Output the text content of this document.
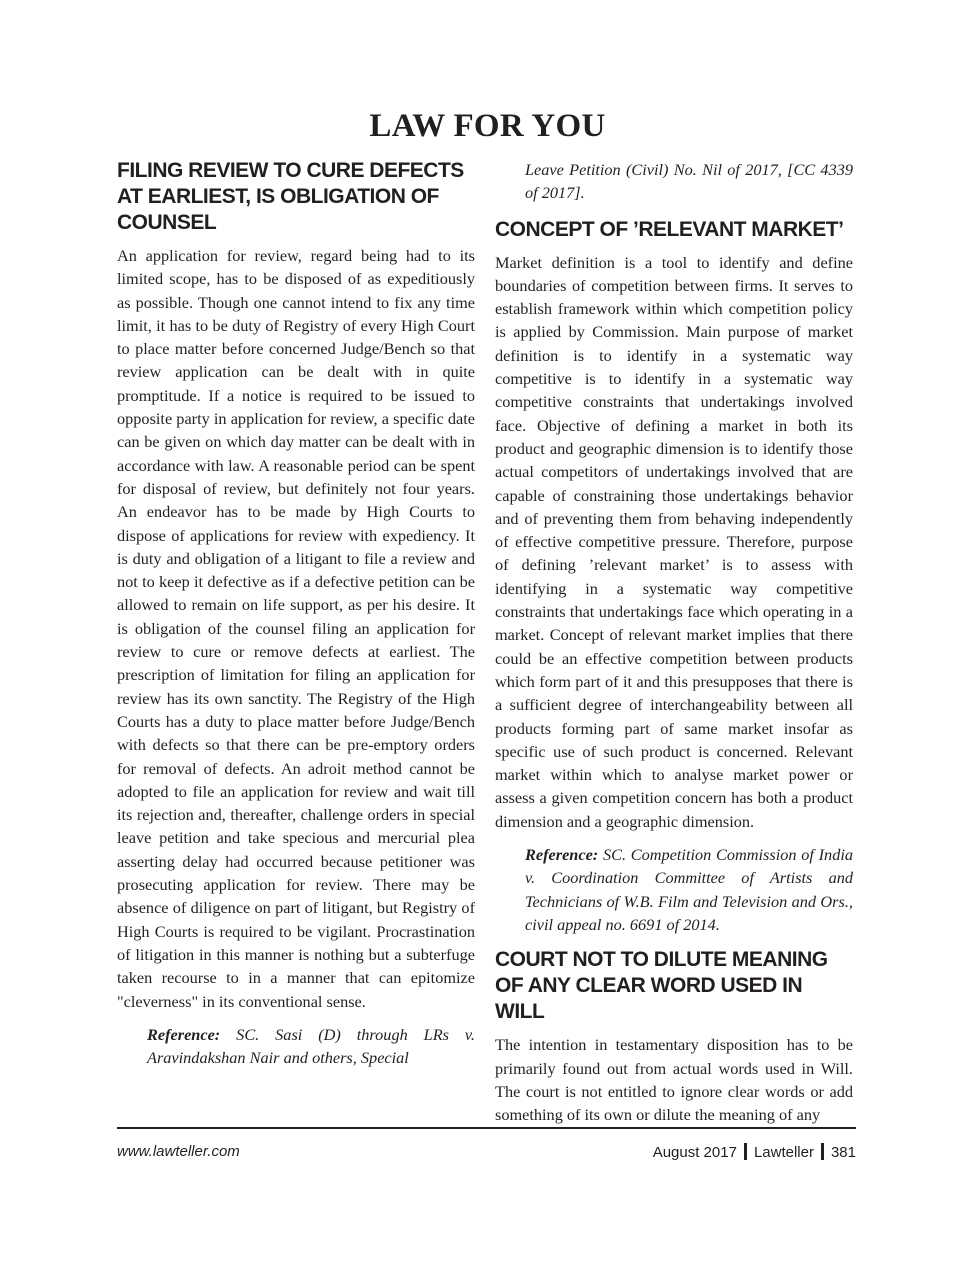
LAW FOR YOU
FILING REVIEW TO CURE DEFECTS AT EARLIEST, IS OBLIGATION OF COUNSEL

An application for review, regard being had to its limited scope, has to be disposed of as expeditiously as possible. Though one cannot intend to fix any time limit, it has to be duty of Registry of every High Court to place matter before concerned Judge/Bench so that review application can be dealt with in quite promptitude. If a notice is required to be issued to opposite party in application for review, a specific date can be given on which day matter can be dealt with in accordance with law. A reasonable period can be spent for disposal of review, but definitely not four years. An endeavor has to be made by High Courts to dispose of applications for review with expediency. It is duty and obligation of a litigant to file a review and not to keep it defective as if a defective petition can be allowed to remain on life support, as per his desire. It is obligation of the counsel filing an application for review to cure or remove defects at earliest. The prescription of limitation for filing an application for review has its own sanctity. The Registry of the High Courts has a duty to place matter before Judge/Bench with defects so that there can be pre-emptory orders for removal of defects. An adroit method cannot be adopted to file an application for review and wait till its rejection and, thereafter, challenge orders in special leave petition and take specious and mercurial plea asserting delay had occurred because petitioner was prosecuting application for review. There may be absence of diligence on part of litigant, but Registry of High Courts is required to be vigilant. Procrastination of litigation in this manner is nothing but a subterfuge taken recourse to in a manner that can epitomize "cleverness" in its conventional sense.

Reference: SC. Sasi (D) through LRs v. Aravindakshan Nair and others, Special

Leave Petition (Civil) No. Nil of 2017, [CC 4339 of 2017].

CONCEPT OF ’RELEVANT MARKET’

Market definition is a tool to identify and define boundaries of competition between firms. It serves to establish framework within which competition policy is applied by Commission. Main purpose of market definition is to identify in a systematic way competitive is to identify in a systematic way competitive constraints that undertakings involved face. Objective of defining a market in both its product and geographic dimension is to identify those actual competitors of undertakings involved that are capable of constraining those undertakings behavior and of preventing them from behaving independently of effective competitive pressure. Therefore, purpose of defining ’relevant market’ is to assess with identifying in a systematic way competitive constraints that undertakings face which operating in a market. Concept of relevant market implies that there could be an effective competition between products which form part of it and this presupposes that there is a sufficient degree of interchangeability between all products forming part of same market insofar as specific use of such product is concerned. Relevant market within which to analyse market power or assess a given competition concern has both a product dimension and a geographic dimension.

Reference: SC. Competition Commission of India v. Coordination Committee of Artists and Technicians of W.B. Film and Television and Ors., civil appeal no. 6691 of 2014.

COURT NOT TO DILUTE MEANING OF ANY CLEAR WORD USED IN WILL

The intention in testamentary disposition has to be primarily found out from actual words used in Will. The court is not entitled to ignore clear words or add something of its own or dilute the meaning of any

www.lawteller.com	August 2017 Lawteller 381
